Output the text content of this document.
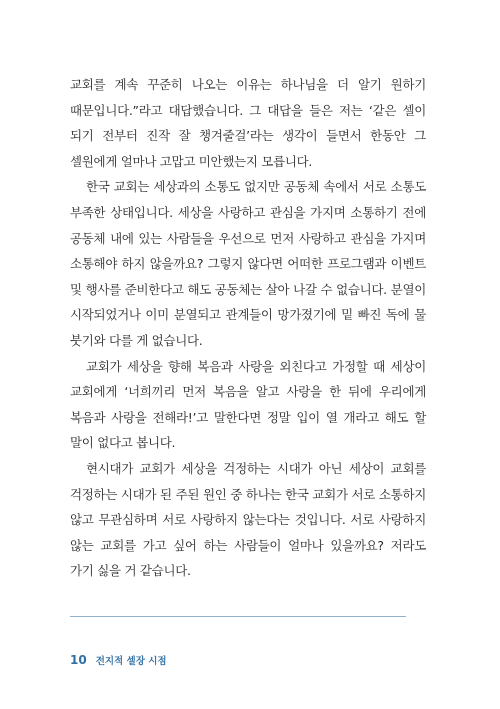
교회를 계속 꾸준히 나오는 이유는 하나님을 더 알기 원하기 때문입니다.”라고 대답했습니다. 그 대답을 들은 저는 ‘같은 셀이 되기 전부터 진작 잘 챙겨줄걸’라는 생각이 들면서 한동안 그 셀원에게 얼마나 고맙고 미안했는지 모릅니다.

한국 교회는 세상과의 소통도 없지만 공동체 속에서 서로 소통도 부족한 상태입니다. 세상을 사랑하고 관심을 가지며 소통하기 전에 공동체 내에 있는 사람들을 우선으로 먼저 사랑하고 관심을 가지며 소통해야 하지 않을까요? 그렇지 않다면 어떠한 프로그램과 이벤트 및 행사를 준비한다고 해도 공동체는 살아 나갈 수 없습니다. 분열이 시작되었거나 이미 분열되고 관계들이 망가졌기에 밑 빠진 독에 물 붓기와 다를 게 없습니다.

교회가 세상을 향해 복음과 사랑을 외친다고 가정할 때 세상이 교회에게 ‘너희끼리 먼저 복음을 알고 사랑을 한 뒤에 우리에게 복음과 사랑을 전해라!’고 말한다면 정말 입이 열 개라고 해도 할 말이 없다고 봅니다.

현시대가 교회가 세상을 걱정하는 시대가 아닌 세상이 교회를 걱정하는 시대가 된 주된 원인 중 하나는 한국 교회가 서로 소통하지 않고 무관심하며 서로 사랑하지 않는다는 것입니다. 서로 사랑하지 않는 교회를 가고 싶어 하는 사람들이 얼마나 있을까요? 저라도 가기 싫을 거 같습니다.

10 전지적 셀장 시점
